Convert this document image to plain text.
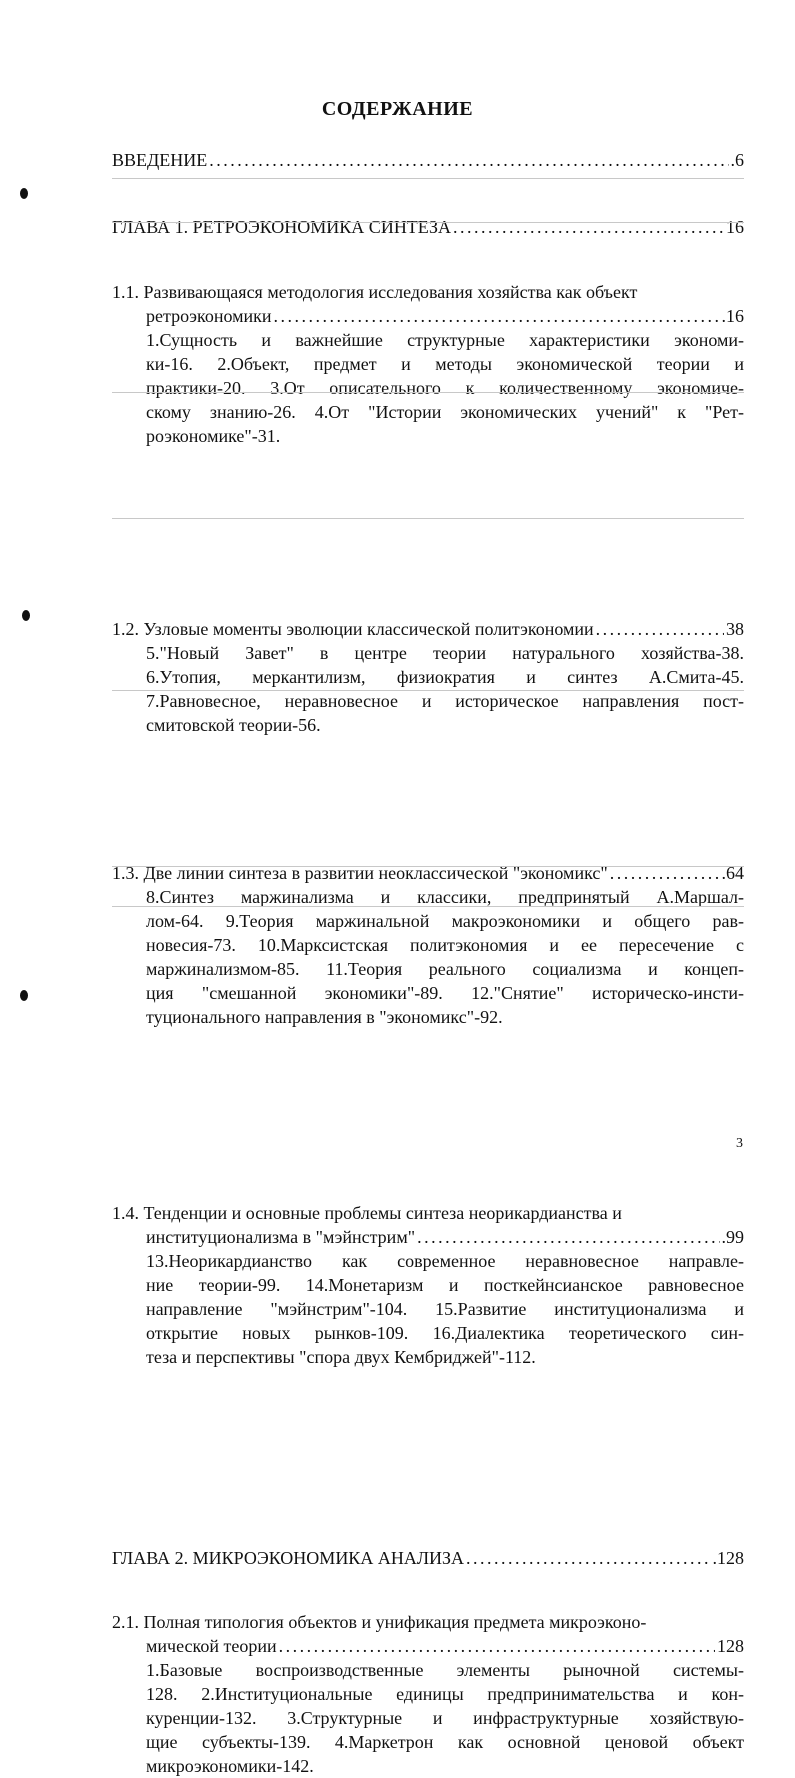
СОДЕРЖАНИЕ
ВВЕДЕНИЕ . . .	.6
ГЛАВА 1. РЕТРОЭКОНОМИКА СИНТЕЗА . . .	16
1.1. Развивающаяся методология исследования хозяйства как объект
ретроэкономики . . .	.16
1.Сущность и важнейшие структурные характеристики экономи-
ки-16. 2.Объект, предмет и методы экономической теории и
практики-20. 3.От описательного к количественному экономиче-
скому знанию-26. 4.От "Истории экономических учений" к "Рет-
роэкономике"-31.
1.2. Узловые моменты эволюции классической политэкономии . . .	38
5."Новый Завет" в центре теории натурального хозяйства-38.
6.Утопия, меркантилизм, физиократия и синтез А.Смита-45.
7.Равновесное, неравновесное и историческое направления пост-
смитовской теории-56.
1.3. Две линии синтеза в развитии неоклассической "экономикс" . . .	.64
8.Синтез маржинализма и классики, предпринятый А.Маршал-
лом-64. 9.Теория маржинальной макроэкономики и общего рав-
новесия-73. 10.Марксистская политэкономия и ее пересечение с
маржинализмом-85. 11.Теория реального социализма и концеп-
ция "смешанной экономики"-89. 12."Снятие" историческо-инсти-
туционального направления в "экономикс"-92.
1.4. Тенденции и основные проблемы синтеза неорикардианства и
институционализма в "мэйнстрим" . . .	.99
13.Неорикардианство как современное неравновесное направле-
ние теории-99. 14.Монетаризм и посткейнсианское равновесное
направление "мэйнстрим"-104. 15.Развитие институционализма и
открытие новых рынков-109. 16.Диалектика теоретического син-
теза и перспективы "спора двух Кембриджей"-112.
ГЛАВА 2. МИКРОЭКОНОМИКА АНАЛИЗА . . .	.128
2.1. Полная типология объектов и унификация предмета микроэконо-
мической теории . . .	128
1.Базовые воспроизводственные элементы рыночной системы-
128. 2.Институциональные единицы предпринимательства и кон-
куренции-132. 3.Структурные и инфраструктурные хозяйствую-
щие субъекты-139. 4.Маркетрон как основной ценовой объект
микроэкономики-142.
3
